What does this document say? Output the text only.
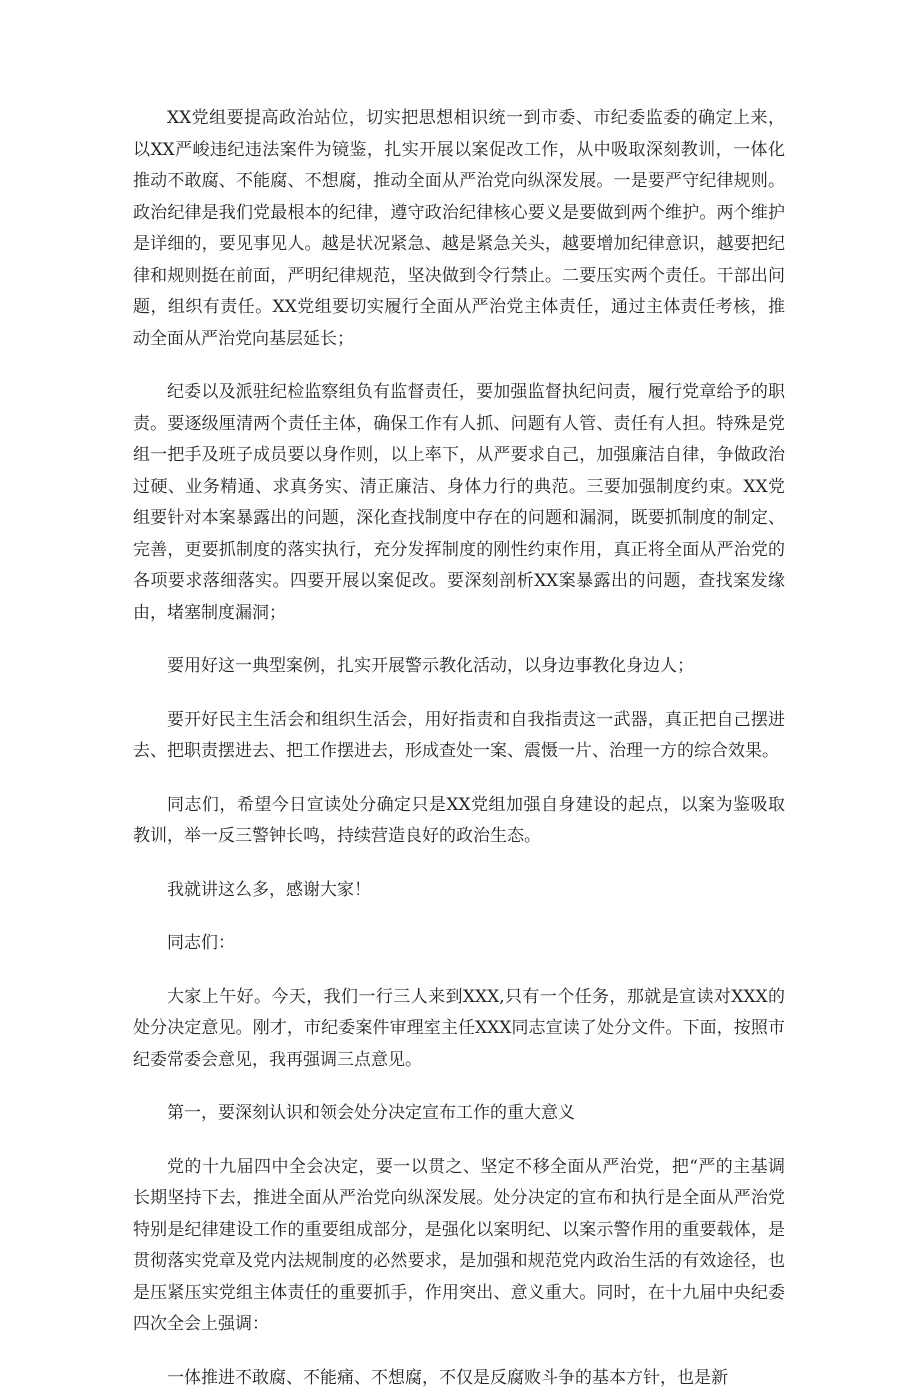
XX党组要提高政治站位，切实把思想相识统一到市委、市纪委监委的确定上来，以XX严峻违纪违法案件为镜鉴，扎实开展以案促改工作，从中吸取深刻教训，一体化推动不敢腐、不能腐、不想腐，推动全面从严治党向纵深发展。一是要严守纪律规则。政治纪律是我们党最根本的纪律，遵守政治纪律核心要义是要做到两个维护。两个维护是详细的，要见事见人。越是状况紧急、越是紧急关头，越要增加纪律意识，越要把纪律和规则挺在前面，严明纪律规范，坚决做到令行禁止。二要压实两个责任。干部出问题，组织有责任。XX党组要切实履行全面从严治党主体责任，通过主体责任考核，推动全面从严治党向基层延长；

纪委以及派驻纪检监察组负有监督责任，要加强监督执纪问责，履行党章给予的职责。要逐级厘清两个责任主体，确保工作有人抓、问题有人管、责任有人担。特殊是党组一把手及班子成员要以身作则，以上率下，从严要求自己，加强廉洁自律，争做政治过硬、业务精通、求真务实、清正廉洁、身体力行的典范。三要加强制度约束。XX党组要针对本案暴露出的问题，深化查找制度中存在的问题和漏洞，既要抓制度的制定、完善，更要抓制度的落实执行，充分发挥制度的刚性约束作用，真正将全面从严治党的各项要求落细落实。四要开展以案促改。要深刻剖析XX案暴露出的问题，查找案发缘由，堵塞制度漏洞；

要用好这一典型案例，扎实开展警示教化活动，以身边事教化身边人；

要开好民主生活会和组织生活会，用好指责和自我指责这一武器，真正把自己摆进去、把职责摆进去、把工作摆进去，形成查处一案、震慑一片、治理一方的综合效果。

同志们，希望今日宣读处分确定只是XX党组加强自身建设的起点，以案为鉴吸取教训，举一反三警钟长鸣，持续营造良好的政治生态。

我就讲这么多，感谢大家！

同志们：

大家上午好。今天，我们一行三人来到XXX,只有一个任务，那就是宣读对XXX的处分决定意见。刚才，市纪委案件审理室主任XXX同志宣读了处分文件。下面，按照市纪委常委会意见，我再强调三点意见。

第一，要深刻认识和领会处分决定宣布工作的重大意义

党的十九届四中全会决定，要一以贯之、坚定不移全面从严治党，把“严的主基调长期坚持下去，推进全面从严治党向纵深发展。处分决定的宣布和执行是全面从严治党特别是纪律建设工作的重要组成部分，是强化以案明纪、以案示警作用的重要载体，是贯彻落实党章及党内法规制度的必然要求，是加强和规范党内政治生活的有效途径，也是压紧压实党组主体责任的重要抓手，作用突出、意义重大。同时，在十九届中央纪委四次全会上强调：

一体推进不敢腐、不能痛、不想腐，不仅是反腐败斗争的基本方针，也是新
